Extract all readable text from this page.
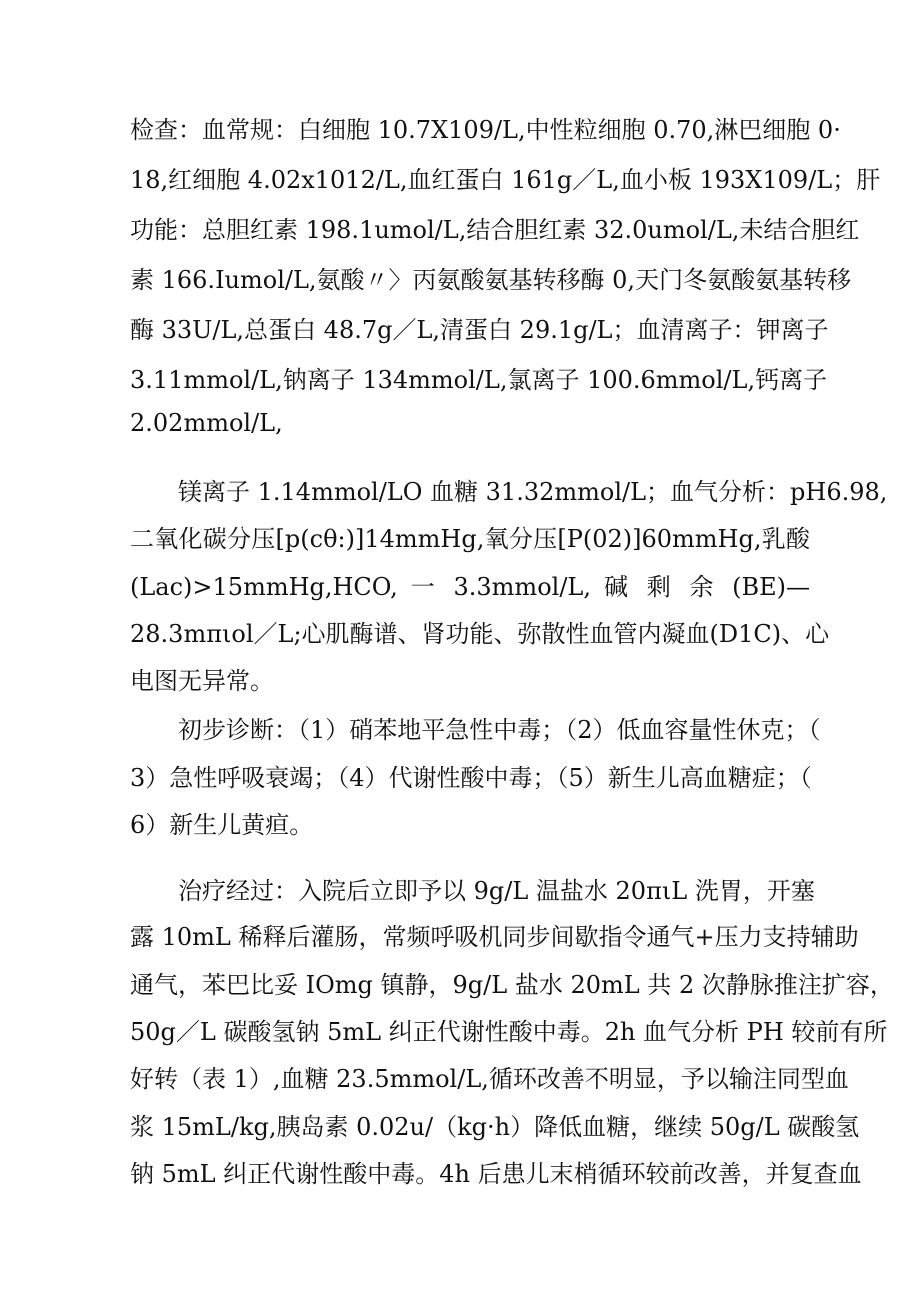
检查：血常规：白细胞 10.7X109/L,中性粒细胞 0.70,淋巴细胞 0·
18,红细胞 4.02x1012/L,血红蛋白 161g／L,血小板 193X109/L；肝
功能：总胆红素 198.1umol/L,结合胆红素 32.0umol/L,未结合胆红
素 166.Iumol/L,氨酸〃〉丙氨酸氨基转移酶 0,天门冬氨酸氨基转移
酶 33U/L,总蛋白 48.7g／L,清蛋白 29.1g/L；血清离子：钾离子
3.11mmol/L,钠离子 134mmol/L,氯离子 100.6mmol/L,钙离子
2.02mmol/L,
镁离子 1.14mmol/LO 血糖 31.32mmol/L；血气分析：pH6.98,
二氧化碳分压[p(cθ:)]14mmHg,氧分压[P(02)]60mmHg,乳酸
(Lac)>15mmHg,HCO, 一 3.3mmol/L, 碱 剩 余 (BE)—
28.3mπιol／L;心肌酶谱、肾功能、弥散性血管内凝血(D1C)、心
电图无异常。
初步诊断：（1）硝苯地平急性中毒；（2）低血容量性休克；（
3）急性呼吸衰竭；（4）代谢性酸中毒；（5）新生儿高血糖症；（
6）新生儿黄疸。
治疗经过：入院后立即予以 9g/L 温盐水 20πιL 洗胃，开塞
露 10mL 稀释后灌肠，常频呼吸机同步间歇指令通气+压力支持辅助
通气，苯巴比妥 IOmg 镇静，9g/L 盐水 20mL 共 2 次静脉推注扩容，
50g／L 碳酸氢钠 5mL 纠正代谢性酸中毒。2h 血气分析 PH 较前有所
好转（表 1）,血糖 23.5mmol/L,循环改善不明显，予以输注同型血
浆 15mL/kg,胰岛素 0.02u/（kg·h）降低血糖，继续 50g/L 碳酸氢
钠 5mL 纠正代谢性酸中毒。4h 后患儿末梢循环较前改善，并复查血
